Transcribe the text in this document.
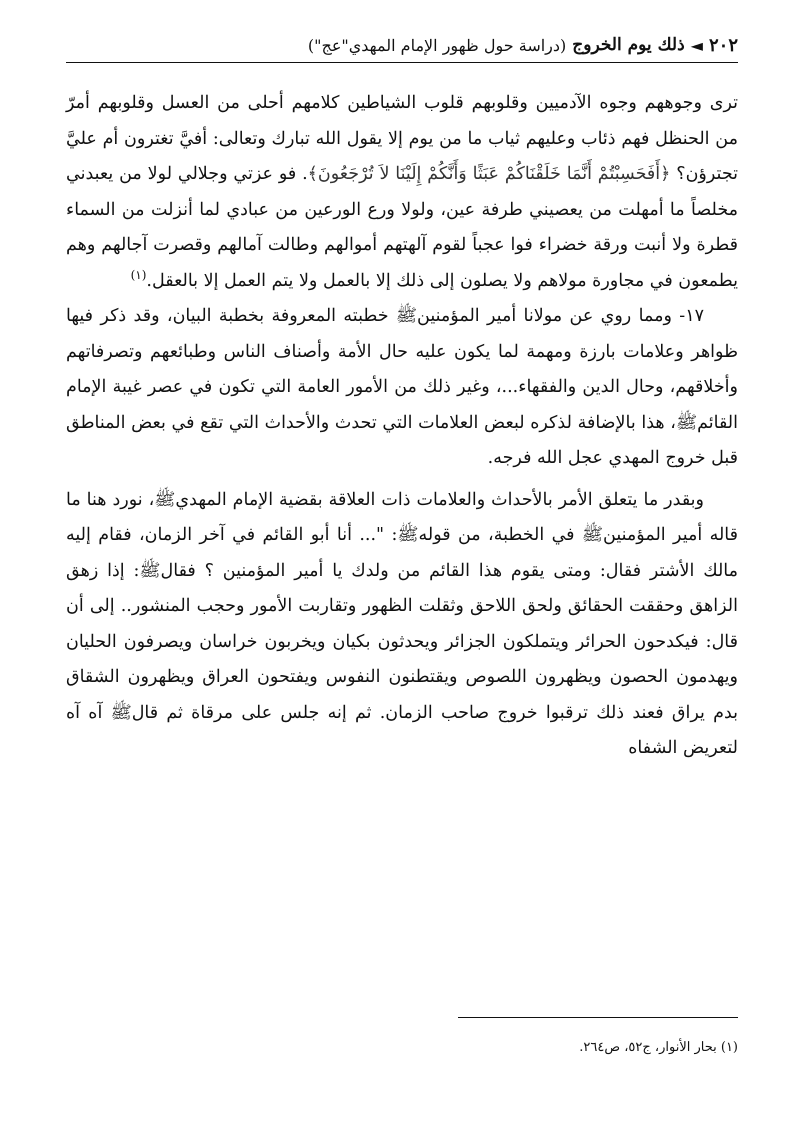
٢٠٢
◄
ذلك يوم الخروج
(دراسة حول ظهور الإمام المهدي"عج")

ترى وجوههم وجوه الآدميين وقلوبهم قلوب الشياطين كلامهم أحلى من العسل وقلوبهم أمرّ من الحنظل فهم ذئاب وعليهم ثياب ما من يوم إلا يقول الله تبارك وتعالى: أفيَّ تغترون أم عليَّ تجترؤن؟ ﴿أَفَحَسِبْتُمْ أَنَّمَا خَلَقْنَاكُمْ عَبَثًا وَأَنَّكُمْ إِلَيْنَا لاَ تُرْجَعُونَ﴾. فو عزتي وجلالي لولا من يعبدني مخلصاً ما أمهلت من يعصيني طرفة عين، ولولا ورع الورعين من عبادي لما أنزلت من السماء قطرة ولا أنبت ورقة خضراء فوا عجباً لقوم آلهتهم أموالهم وطالت آمالهم وقصرت آجالهم وهم يطمعون في مجاورة مولاهم ولا يصلون إلى ذلك إلا بالعمل ولا يتم العمل إلا بالعقل.$^{(١)}$

١٧- ومما روي عن مولانا أمير المؤمنينﷺ خطبته المعروفة بخطبة البيان، وقد ذكر فيها ظواهر وعلامات بارزة ومهمة لما يكون عليه حال الأمة وأصناف الناس وطبائعهم وتصرفاتهم وأخلاقهم، وحال الدين والفقهاء...، وغير ذلك من الأمور العامة التي تكون في عصر غيبة الإمام القائمﷺ، هذا بالإضافة لذكره لبعض العلامات التي تحدث والأحداث التي تقع في بعض المناطق قبل خروج المهدي عجل الله فرجه.

وبقدر ما يتعلق الأمر بالأحداث والعلامات ذات العلاقة بقضية الإمام المهديﷺ، نورد هنا ما قاله أمير المؤمنينﷺ في الخطبة، من قولهﷺ: "... أنا أبو القائم في آخر الزمان، فقام إليه مالك الأشتر فقال: ومتى يقوم هذا القائم من ولدك يا أمير المؤمنين ؟ فقالﷺ: إذا زهق الزاهق وحققت الحقائق ولحق اللاحق وثقلت الظهور وتقاربت الأمور وحجب المنشور.. إلى أن قال: فيكدحون الحرائر ويتملكون الجزائر ويحدثون بكيان ويخربون خراسان ويصرفون الحليان ويهدمون الحصون ويظهرون اللصوص ويقتطنون النفوس ويفتحون العراق ويظهرون الشقاق بدم يراق فعند ذلك ترقبوا خروج صاحب الزمان. ثم إنه جلس على مرقاة ثم قالﷺ آه آه لتعريض الشفاه

(١) بحار الأنوار، ج٥٢، ص٢٦٤.
